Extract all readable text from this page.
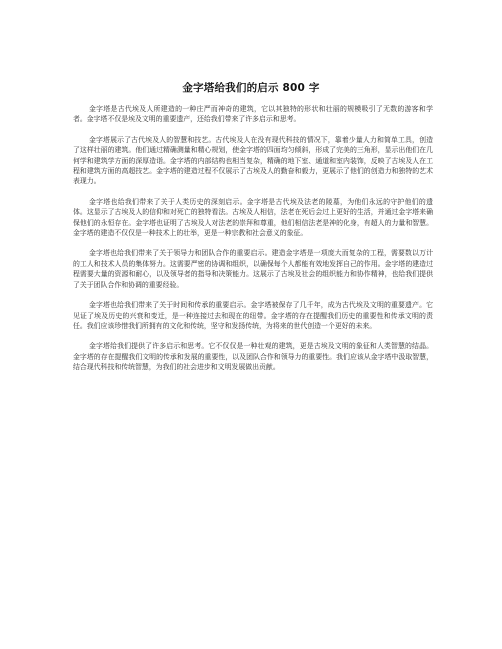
金字塔给我们的启示 800 字

金字塔是古代埃及人所建造的一种庄严而神奇的建筑，它以其独特的形状和壮丽的规模吸引了无数的游客和学者。金字塔不仅是埃及文明的重要遗产，还给我们带来了许多启示和思考。

金字塔展示了古代埃及人的智慧和技艺。古代埃及人在没有现代科技的情况下，靠着少量人力和简单工具，创造了这样壮丽的建筑。他们通过精确测量和精心规划，使金字塔的四面均匀倾斜，形成了完美的三角形，显示出他们在几何学和建筑学方面的深厚造诣。金字塔的内部结构也相当复杂，精确的地下室、通道和室内装饰，反映了古埃及人在工程和建筑方面的高超技艺。金字塔的建造过程不仅展示了古埃及人的勤奋和毅力，更展示了他们的创造力和独特的艺术表现力。

金字塔也给我们带来了关于人类历史的深刻启示。金字塔是古代埃及法老的陵墓，为他们永远的守护他们的遗体。这显示了古埃及人的信仰和对死亡的独特看法。古埃及人相信，法老在死后会过上更好的生活，并通过金字塔来确保他们的永恒存在。金字塔也证明了古埃及人对法老的崇拜和尊重，他们相信法老是神的化身，有超人的力量和智慧。金字塔的建造不仅仅是一种技术上的壮举，更是一种宗教和社会意义的象征。

金字塔也给我们带来了关于领导力和团队合作的重要启示。建造金字塔是一项庞大而复杂的工程，需要数以万计的工人和技术人员的集体努力。这需要严密的协调和组织，以确保每个人都能有效地发挥自己的作用。金字塔的建造过程需要大量的资源和耐心，以及领导者的指导和决策能力。这展示了古埃及社会的组织能力和协作精神，也给我们提供了关于团队合作和协调的重要经验。

金字塔也给我们带来了关于时间和传承的重要启示。金字塔被保存了几千年，成为古代埃及文明的重要遗产。它见证了埃及历史的兴衰和变迁，是一种连接过去和现在的纽带。金字塔的存在提醒我们历史的重要性和传承文明的责任。我们应该珍惜我们所拥有的文化和传统，坚守和发扬传统，为将来的世代创造一个更好的未来。

金字塔给我们提供了许多启示和思考。它不仅仅是一种壮观的建筑，更是古埃及文明的象征和人类智慧的结晶。金字塔的存在提醒我们文明的传承和发展的重要性，以及团队合作和领导力的重要性。我们应该从金字塔中汲取智慧，结合现代科技和传统智慧，为我们的社会进步和文明发展做出贡献。
